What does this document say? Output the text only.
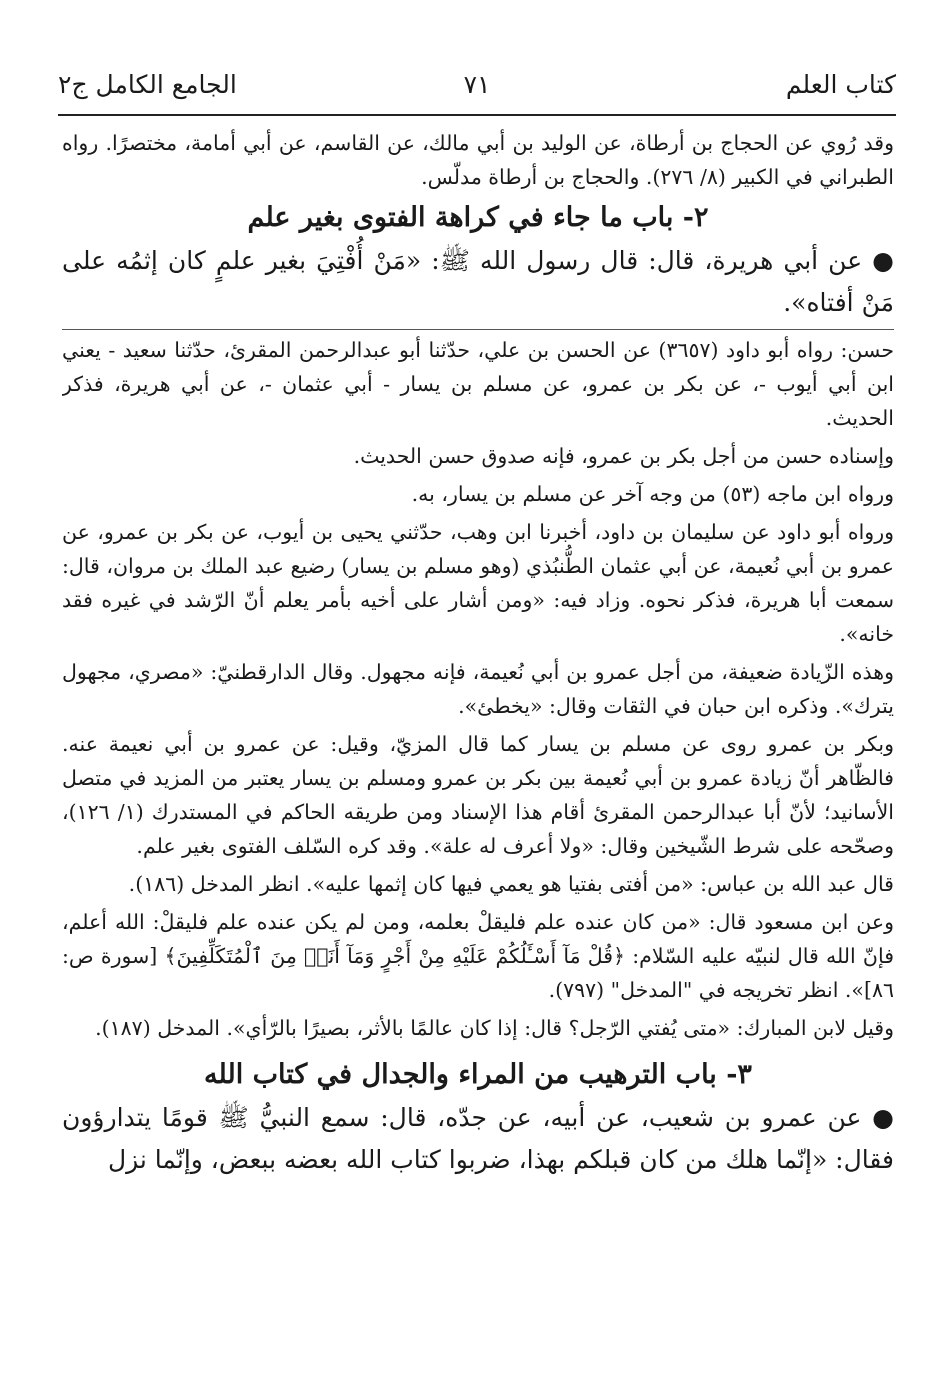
كتاب العلم
٧١
الجامع الكامل ج٢

وقد رُوي عن الحجاج بن أرطاة، عن الوليد بن أبي مالك، عن القاسم، عن أبي أمامة، مختصرًا. رواه الطبراني في الكبير (٨/ ٢٧٦). والحجاج بن أرطاة مدلّس.

٢- باب ما جاء في كراهة الفتوى بغير علم

● عن أبي هريرة، قال: قال رسول الله ﷺ: «مَنْ أُفْتِيَ بغير علمٍ كان إثمُه على مَنْ أفتاه».

حسن: رواه أبو داود (٣٦٥٧) عن الحسن بن علي، حدّثنا أبو عبدالرحمن المقرئ، حدّثنا سعيد - يعني ابن أبي أيوب -، عن بكر بن عمرو، عن مسلم بن يسار - أبي عثمان -، عن أبي هريرة، فذكر الحديث.

وإسناده حسن من أجل بكر بن عمرو، فإنه صدوق حسن الحديث.

ورواه ابن ماجه (٥٣) من وجه آخر عن مسلم بن يسار، به.

ورواه أبو داود عن سليمان بن داود، أخبرنا ابن وهب، حدّثني يحيى بن أيوب، عن بكر بن عمرو، عن عمرو بن أبي نُعيمة، عن أبي عثمان الطُّنبُذي (وهو مسلم بن يسار) رضيع عبد الملك بن مروان، قال: سمعت أبا هريرة، فذكر نحوه. وزاد فيه: «ومن أشار على أخيه بأمر يعلم أنّ الرّشد في غيره فقد خانه».

وهذه الزّيادة ضعيفة، من أجل عمرو بن أبي نُعيمة، فإنه مجهول. وقال الدارقطنيّ: «مصري، مجهول يترك». وذكره ابن حبان في الثقات وقال: «يخطئ».

وبكر بن عمرو روى عن مسلم بن يسار كما قال المزيّ، وقيل: عن عمرو بن أبي نعيمة عنه. فالظّاهر أنّ زيادة عمرو بن أبي نُعيمة بين بكر بن عمرو ومسلم بن يسار يعتبر من المزيد في متصل الأسانيد؛ لأنّ أبا عبدالرحمن المقرئ أقام هذا الإسناد ومن طريقه الحاكم في المستدرك (١/ ١٢٦)، وصحّحه على شرط الشّيخين وقال: «ولا أعرف له علة». وقد كره السّلف الفتوى بغير علم.

قال عبد الله بن عباس: «من أفتى بفتيا هو يعمي فيها كان إثمها عليه». انظر المدخل (١٨٦).

وعن ابن مسعود قال: «من كان عنده علم فليقلْ بعلمه، ومن لم يكن عنده علم فليقلْ: الله أعلم، فإنّ الله قال لنبيّه عليه السّلام: ﴿قُلْ مَآ أَسْـَٔلُكُمْ عَلَيْهِ مِنْ أَجْرٍ وَمَآ أَنَا۠ مِنَ ٱلْمُتَكَلِّفِينَ﴾ [سورة ص: ٨٦]». انظر تخريجه في "المدخل" (٧٩٧).

وقيل لابن المبارك: «متى يُفتي الرّجل؟ قال: إذا كان عالمًا بالأثر، بصيرًا بالرّأي». المدخل (١٨٧).

٣- باب الترهيب من المراء والجدال في كتاب الله

● عن عمرو بن شعيب، عن أبيه، عن جدّه، قال: سمع النبيُّ ﷺ قومًا يتدارؤون فقال: «إنّما هلك من كان قبلكم بهذا، ضربوا كتاب الله بعضه ببعض، وإنّما نزل
